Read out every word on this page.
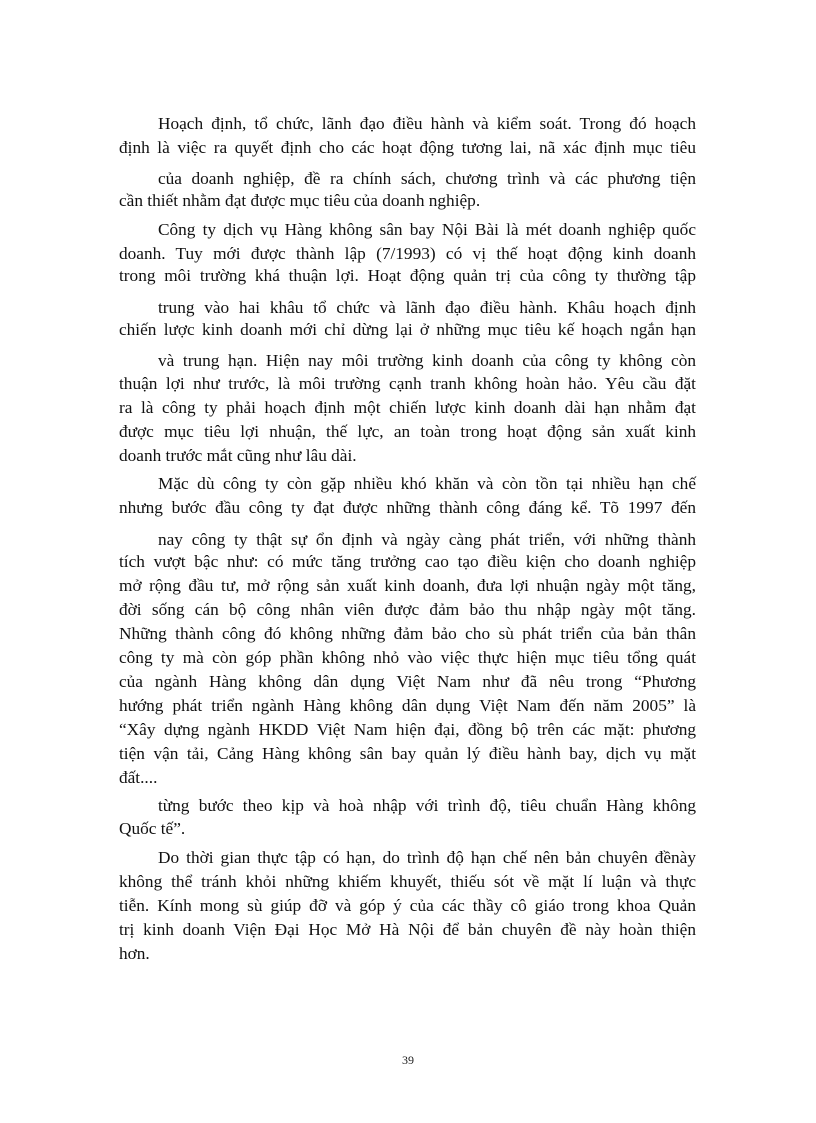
Hoạch định, tổ chức, lãnh đạo điều hành và kiểm soát. Trong đó hoạch
định là việc ra quyết định cho các hoạt động tương lai, nã xác định mục tiêu
của doanh nghiệp, đề ra chính sách, chương trình và các phương tiện
cần thiết nhằm đạt được mục tiêu của doanh nghiệp.
Công ty dịch vụ Hàng không sân bay Nội Bài là mét doanh nghiệp quốc
doanh. Tuy mới được thành lập (7/1993) có vị thế hoạt động kinh doanh
trong môi trường khá thuận lợi. Hoạt động quản trị của công ty thường tập
trung vào hai khâu tổ chức và lãnh đạo điều hành. Khâu hoạch định
chiến lược kinh doanh mới chỉ dừng lại ở những mục tiêu kế hoạch ngắn hạn
và trung hạn. Hiện nay môi trường kinh doanh của công ty không còn
thuận lợi như trước, là môi trường cạnh tranh không hoàn hảo. Yêu cầu đặt
ra là công ty phải hoạch định một chiến lược kinh doanh dài hạn nhằm đạt
được mục tiêu lợi nhuận, thế lực, an toàn trong hoạt động sản xuất kinh
doanh trước mắt cũng như lâu dài.
Mặc dù công ty còn gặp nhiều khó khăn và còn tồn tại nhiều hạn chế
nhưng bước đầu công ty đạt được những thành công đáng kể. Tõ 1997 đến
nay công ty thật sự ổn định và ngày càng phát triển, với những thành
tích vượt bậc như: có mức tăng trưởng cao tạo điều kiện cho doanh nghiệp
mở rộng đầu tư, mở rộng sản xuất kinh doanh, đưa lợi nhuận ngày một tăng,
đời sống cán bộ công nhân viên được đảm bảo thu nhập ngày một tăng.
Những thành công đó không những đảm bảo cho sù phát triển của bản thân
công ty mà còn góp phần không nhỏ vào việc thực hiện mục tiêu tổng quát
của ngành Hàng không dân dụng Việt Nam như đã nêu trong “Phương
hướng phát triển ngành Hàng không dân dụng Việt Nam đến năm 2005” là
“Xây dựng ngành HKDD Việt Nam hiện đại, đồng bộ trên các mặt: phương
tiện vận tải, Cảng Hàng không sân bay quản lý điều hành bay, dịch vụ mặt
đất....
từng bước theo kịp và hoà nhập với trình độ, tiêu chuẩn Hàng không
Quốc tế”.
Do thời gian thực tập có hạn, do trình độ hạn chế nên bản chuyên đềnày
không thể tránh khỏi những khiếm khuyết, thiếu sót về mặt lí luận và thực
tiễn. Kính mong sù giúp đỡ và góp ý của các thầy cô giáo trong khoa Quản
trị kinh doanh Viện Đại Học Mở Hà Nội để bản chuyên đề này hoàn thiện
hơn.
39
